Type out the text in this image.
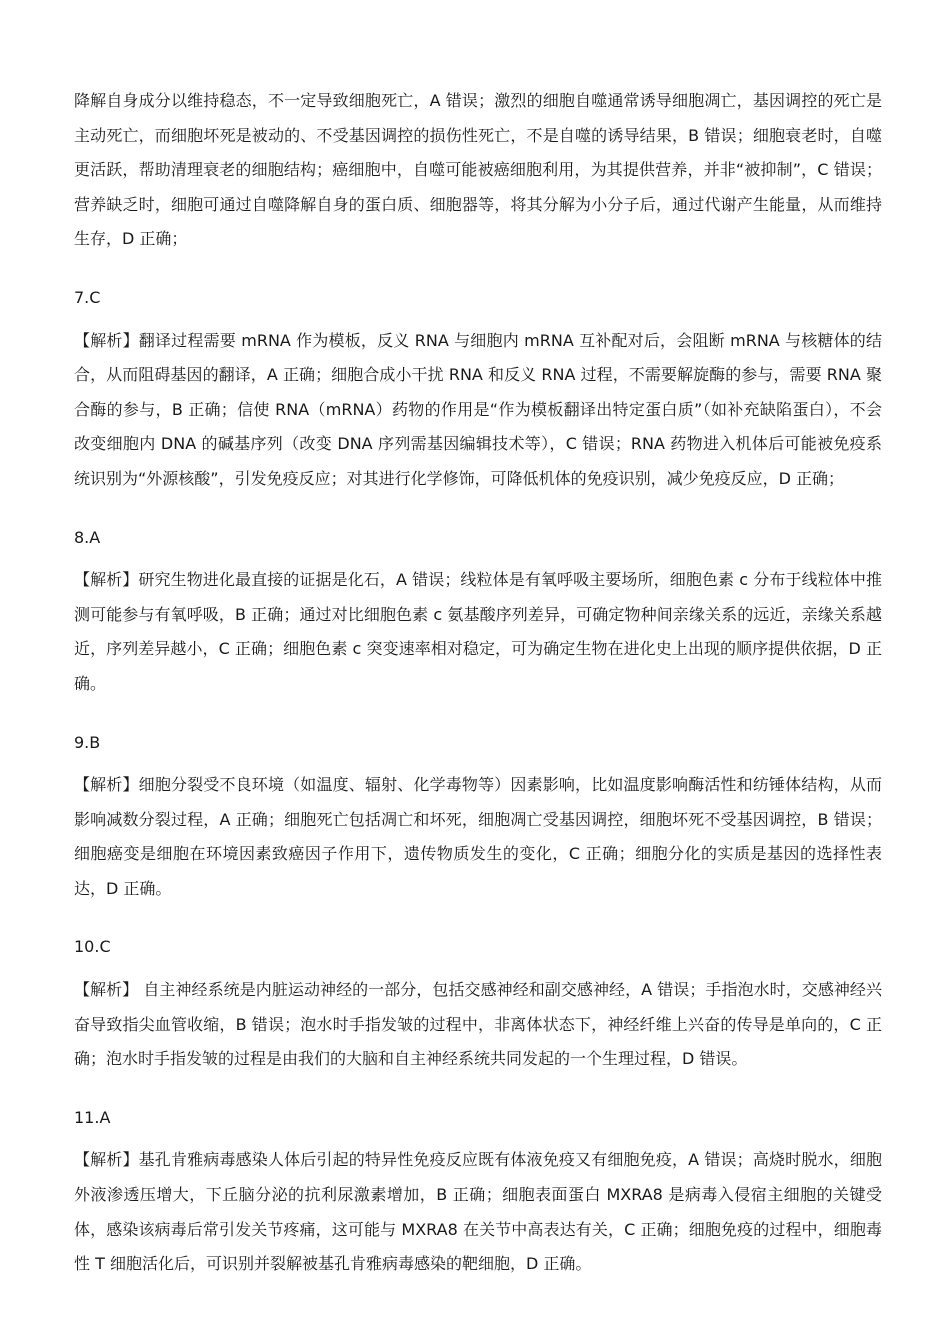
降解自身成分以维持稳态，不一定导致细胞死亡，A 错误；激烈的细胞自噬通常诱导细胞凋亡，基因调控的死亡是主动死亡，而细胞坏死是被动的、不受基因调控的损伤性死亡，不是自噬的诱导结果，B 错误；细胞衰老时，自噬更活跃，帮助清理衰老的细胞结构；癌细胞中，自噬可能被癌细胞利用，为其提供营养，并非“被抑制”，C 错误；营养缺乏时，细胞可通过自噬降解自身的蛋白质、细胞器等，将其分解为小分子后，通过代谢产生能量，从而维持生存，D 正确；

7.C

【解析】翻译过程需要 mRNA 作为模板，反义 RNA 与细胞内 mRNA 互补配对后，会阻断 mRNA 与核糖体的结合，从而阻碍基因的翻译，A 正确；细胞合成小干扰 RNA 和反义 RNA 过程，不需要解旋酶的参与，需要 RNA 聚合酶的参与，B 正确；信使 RNA（mRNA）药物的作用是“作为模板翻译出特定蛋白质”（如补充缺陷蛋白），不会改变细胞内 DNA 的碱基序列（改变 DNA 序列需基因编辑技术等），C 错误；RNA 药物进入机体后可能被免疫系统识别为“外源核酸”，引发免疫反应；对其进行化学修饰，可降低机体的免疫识别，减少免疫反应，D 正确；

8.A

【解析】研究生物进化最直接的证据是化石，A 错误；线粒体是有氧呼吸主要场所，细胞色素 c 分布于线粒体中推测可能参与有氧呼吸，B 正确；通过对比细胞色素 c 氨基酸序列差异，可确定物种间亲缘关系的远近，亲缘关系越近，序列差异越小，C 正确；细胞色素 c 突变速率相对稳定，可为确定生物在进化史上出现的顺序提供依据，D 正确。

9.B

【解析】细胞分裂受不良环境（如温度、辐射、化学毒物等）因素影响，比如温度影响酶活性和纺锤体结构，从而影响减数分裂过程，A 正确；细胞死亡包括凋亡和坏死，细胞凋亡受基因调控，细胞坏死不受基因调控，B 错误；细胞癌变是细胞在环境因素致癌因子作用下，遗传物质发生的变化，C 正确；细胞分化的实质是基因的选择性表达，D 正确。

10.C

【解析】 自主神经系统是内脏运动神经的一部分，包括交感神经和副交感神经，A 错误；手指泡水时，交感神经兴奋导致指尖血管收缩，B 错误；泡水时手指发皱的过程中，非离体状态下，神经纤维上兴奋的传导是单向的，C 正确；泡水时手指发皱的过程是由我们的大脑和自主神经系统共同发起的一个生理过程，D 错误。

11.A

【解析】基孔肯雅病毒感染人体后引起的特异性免疫反应既有体液免疫又有细胞免疫，A 错误；高烧时脱水，细胞外液渗透压增大，下丘脑分泌的抗利尿激素增加，B 正确；细胞表面蛋白 MXRA8 是病毒入侵宿主细胞的关键受体，感染该病毒后常引发关节疼痛，这可能与 MXRA8 在关节中高表达有关，C 正确；细胞免疫的过程中，细胞毒性 T 细胞活化后，可识别并裂解被基孔肯雅病毒感染的靶细胞，D 正确。
